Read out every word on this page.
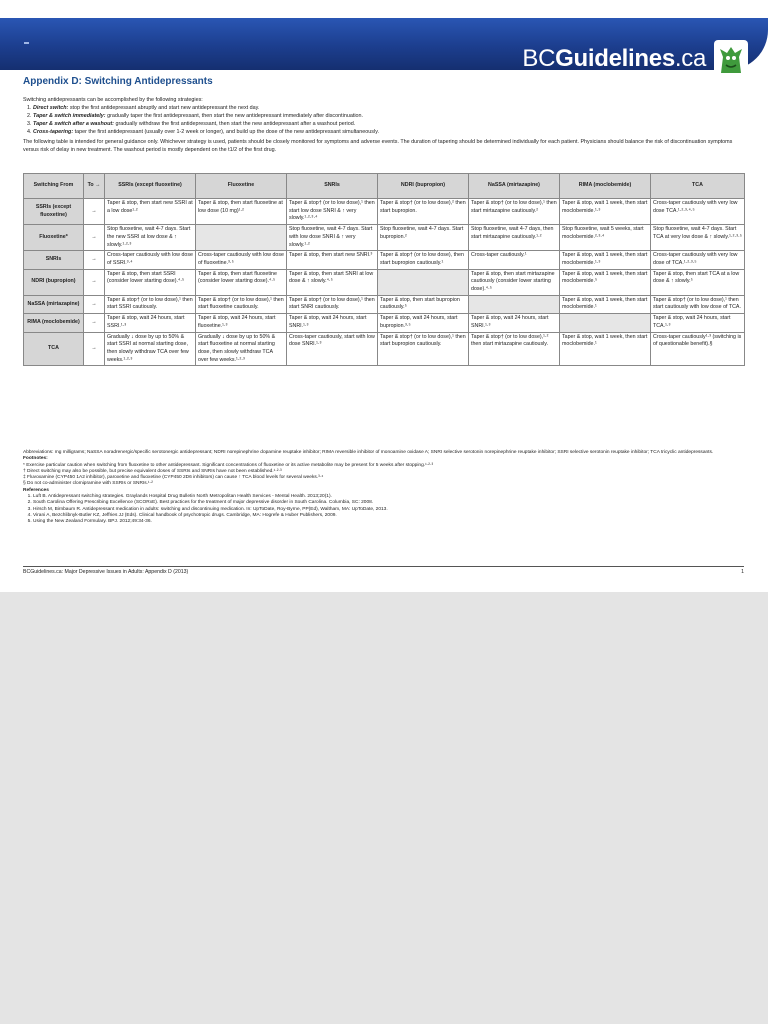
BCGuidelines.ca
Appendix D: Switching Antidepressants

Switching antidepressants can be accomplished by the following strategies:

1. Direct switch: stop the first antidepressant abruptly and start new antidepressant the next day.
2. Taper & switch immediately: gradually taper the first antidepressant, then start the new antidepressant immediately after discontinuation.
3. Taper & switch after a washout: gradually withdraw the first antidepressant, then start the new antidepressant after a washout period.
4. Cross-tapering: taper the first antidepressant (usually over 1-2 week or longer), and build up the dose of the new antidepressant simultaneously.

The following table is intended for general guidance only. Whichever strategy is used, patients should be closely monitored for symptoms and adverse events. The duration of tapering should be determined individually for each patient. Physicians should balance the risk of discontinuation symptoms versus risk of delay in new treatment. The washout period is mostly dependent on the t1/2 of the first drug.

Switching From	To →	SSRIs (except fluoxetine)	Fluoxetine	SNRIs	NDRI (bupropion)	NaSSA (mirtazapine)	RIMA (moclobemide)	TCA
SSRIs (except fluoxetine)	→	Taper & stop, then start new SSRI at a low dose¹·²	Taper & stop, then start fluoxetine at low dose (10 mg)¹·²	Taper & stop† (or to low dose),¹ then start low dose SNRI & ↑ very slowly.¹·²·³·⁴	Taper & stop† (or to low dose),² then start bupropion.	Taper & stop† (or to low dose),¹ then start mirtazapine cautiously.²	Taper & stop, wait 1 week, then start moclobemide.¹·³	Cross-taper cautiously with very low dose TCA.¹·²·³·⁴·⁵
Fluoxetine*	→	Stop fluoxetine, wait 4-7 days. Start the new SSRI at low dose & ↑ slowly.¹·²·³		Stop fluoxetine, wait 4-7 days. Start with low dose SNRI & ↑ very slowly.¹·²	Stop fluoxetine, wait 4-7 days. Start bupropion.²	Stop fluoxetine, wait 4-7 days, then start mirtazapine cautiously.¹·²	Stop fluoxetine, wait 5 weeks, start moclobemide.²·³·⁴	Stop fluoxetine, wait 4-7 days. Start TCA at very low dose & ↑ slowly.¹·²·³·⁵
SNRIs	→	Cross-taper cautiously with low dose of SSRI.³·⁴	Cross-taper cautiously with low dose of fluoxetine.³·⁵	Taper & stop, then start new SNRI.³	Taper & stop† (or to low dose), then start bupropion cautiously.¹	Cross-taper cautiously.¹	Taper & stop, wait 1 week, then start moclobemide.¹·³	Cross-taper cautiously with very low dose of TCA.¹·²·³·⁵
NDRI (bupropion)	→	Taper & stop, then start SSRI (consider lower starting dose).⁴·⁵	Taper & stop, then start fluoxetine (consider lower starting dose).⁴·⁵	Taper & stop, then start SNRI at low dose & ↑ slowly.⁴·⁵		Taper & stop, then start mirtazapine cautiously (consider lower starting dose).⁴·⁵	Taper & stop, wait 1 week, then start moclobemide.⁵	Taper & stop, then start TCA at a low dose & ↑ slowly.⁵
NaSSA (mirtazapine)	→	Taper & stop† (or to low dose),¹ then start SSRI cautiously.	Taper & stop† (or to low dose),¹ then start fluoxetine cautiously.	Taper & stop† (or to low dose),¹ then start SNRI cautiously.	Taper & stop, then start bupropion cautiously.⁵		Taper & stop, wait 1 week, then start moclobemide.¹	Taper & stop† (or to low dose),¹ then start cautiously with low dose of TCA.
RIMA (moclobemide)	→	Taper & stop, wait 24 hours, start SSRI.¹·³	Taper & stop, wait 24 hours, start fluoxetine.¹·³	Taper & stop, wait 24 hours, start SNRI.¹·³	Taper & stop, wait 24 hours, start bupropion.³·⁵	Taper & stop, wait 24 hours, start SNRI.¹·³		Taper & stop, wait 24 hours, start TCA.¹·³
TCA	→	Gradually ↓ dose by up to 50% & start SSRI at normal starting dose, then slowly withdraw TCA over few weeks.¹·²·³	Gradually ↓ dose by up to 50% & start fluoxetine at normal starting dose, then slowly withdraw TCA over few weeks.¹·²·³	Cross-taper cautiously, start with low dose SNRI.¹·³	Taper & stop† (or to low dose),¹ then start bupropion cautiously.	Taper & stop† (or to low dose),¹·² then start mirtazapine cautiously.	Taper & stop, wait 1 week, then start moclobemide.¹	Cross-taper cautiously¹·³ (switching is of questionable benefit).§

Abbreviations: mg milligrams; NaSSA noradrenergic/specific serotonergic antidepressant; NDRI norepinephrine dopamine reuptake inhibitor; RIMA reversible inhibitor of monoamine oxidase A; SNRI selective serotonin norepinephrine reuptake inhibitor; SSRI selective serotonin reuptake inhibitor; TCA tricyclic antidepressants.

Footnotes:

* Exercise particular caution when switching from fluoxetine to other antidepressant. Significant concentrations of fluoxetine or its active metabolite may be present for 5 weeks after stopping.¹·²·³

† Direct switching may also be possible, but precise equivalent doses of SSRIs and SNRIs have not been established.¹·²·³

‡ Fluvoxamine (CYP450 1A2 inhibitor), paroxetine and fluoxetine (CYP450 2D6 inhibitors) can cause ↑ TCA blood levels for several weeks.³·⁴

§ Do not co-administer clomipramine with SSRIs or SNRIs.¹·²

References

1. Luft B. Antidepressant switching strategies. Graylands Hospital Drug Bulletin North Metropolitan Health Services - Mental Health. 2013;20(1).
2. South Carolina Offering Prescribing Excellence (SCORxE). Best practices for the treatment of major depressive disorder in South Carolina. Columbia, SC: 2008.
3. Hirsch M, Birnbaum R. Antidepressant medication in adults: switching and discontinuing medication. In: UpToDate, Roy-Byrne, PP(Ed), Waltham, MA: UpToDate, 2013.
4. Virani A, Bezchlibnyk-Butler KZ, Jeffries JJ (Eds). Clinical handbook of psychotropic drugs. Cambridge, MA: Hogrefe & Huber Publishers, 2009.
5. Using the New Zealand Formulary. BPJ. 2012;49:34-36.
BCGuidelines.ca: Major Depressive Issues in Adults: Appendix D (2013)	1
